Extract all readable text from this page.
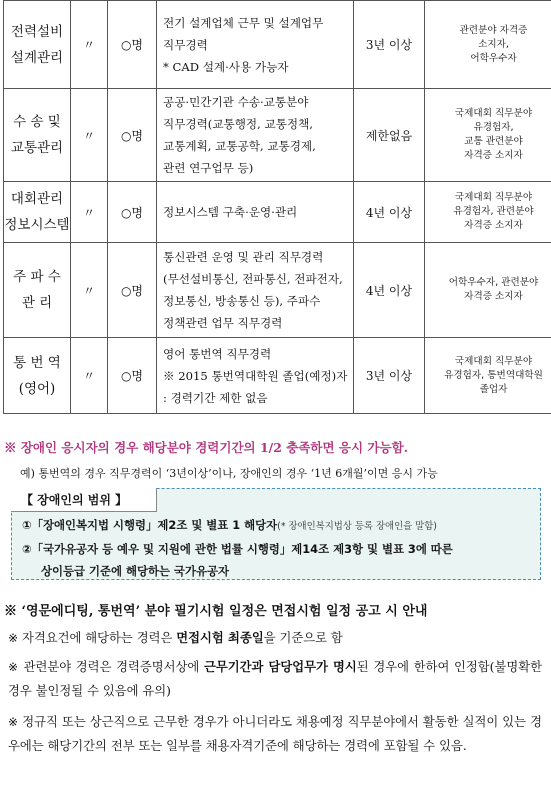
전력설비
설계관리	〃	○명	전기 설계업체 근무 및 설계업무
직무경력
* CAD 설계·사용 가능자	3년 이상	관련분야 자격증
소지자,
어학우수자

수 송 및
교통관리	〃	○명	공공·민간기관 수송·교통분야
직무경력(교통행정, 교통정책,
교통계획, 교통공학, 교통경제,
관련 연구업무 등)	제한없음	국제대회 직무분야
유경험자,
교통 관련분야
자격증 소지자

대회관리
정보시스템	〃	○명	정보시스템 구축·운영·관리	4년 이상	국제대회 직무분야
유경험자, 관련분야
자격증 소지자

주 파 수
관 리	〃	○명	통신관련 운영 및 관리 직무경력
(무선설비통신, 전파통신, 전파전자,
정보통신, 방송통신 등), 주파수
정책관련 업무 직무경력	4년 이상	어학우수자, 관련분야
자격증 소지자

통 번 역
(영어)	〃	○명	영어 통번역 직무경력
※ 2015 통번역대학원 졸업(예정)자
: 경력기간 제한 없음	3년 이상	국제대회 직무분야
유경험자, 통번역대학원
졸업자
※ 장애인 응시자의 경우 해당분야 경력기간의 1/2 충족하면 응시 가능함.
예) 통번역의 경우 직무경력이 ‘3년이상’이나, 장애인의 경우 ‘1년 6개월’이면 응시 가능
【 장애인의 범위 】
①「장애인복지법 시행령」제2조 및 별표 1 해당자(* 장애인복지법상 등록 장애인을 말함)
②「국가유공자 등 예우 및 지원에 관한 법률 시행령」제14조 제3항 및 별표 3에 따른
상이등급 기준에 해당하는 국가유공자
※ ‘영문에디팅, 통번역’ 분야 필기시험 일정은 면접시험 일정 공고 시 안내
※ 자격요건에 해당하는 경력은 면접시험 최종일을 기준으로 함
※ 관련분야 경력은 경력증명서상에 근무기간과 담당업무가 명시된 경우에 한하여 인정함(불명확한 경우 불인정될 수 있음에 유의)
※ 정규직 또는 상근직으로 근무한 경우가 아니더라도 채용예정 직무분야에서 활동한 실적이 있는 경우에는 해당기간의 전부 또는 일부를 채용자격기준에 해당하는 경력에 포함될 수 있음.
